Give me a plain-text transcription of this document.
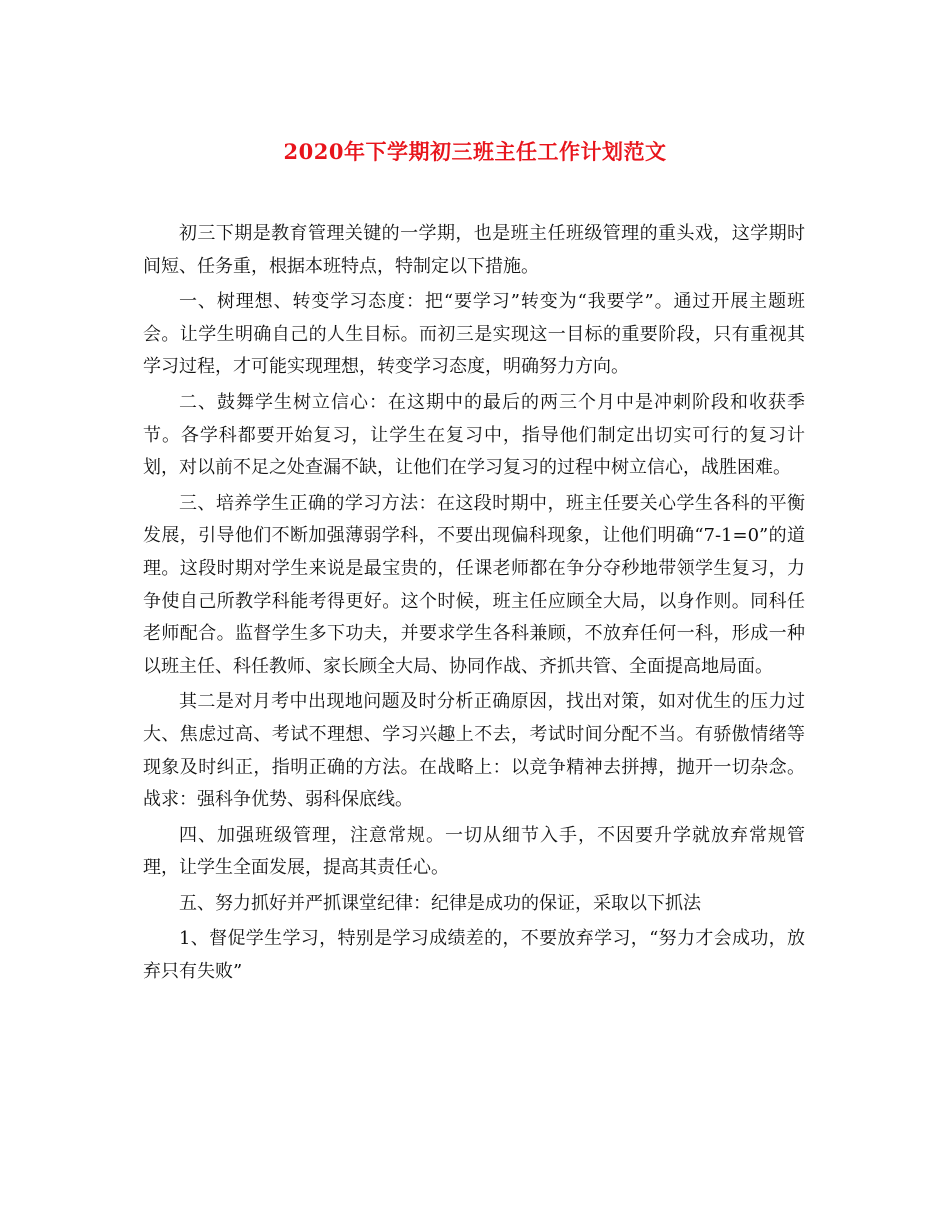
2020年下学期初三班主任工作计划范文

初三下期是教育管理关键的一学期，也是班主任班级管理的重头戏，这学期时间短、任务重，根据本班特点，特制定以下措施。

一、树理想、转变学习态度：把“要学习”转变为“我要学”。通过开展主题班会。让学生明确自己的人生目标。而初三是实现这一目标的重要阶段，只有重视其学习过程，才可能实现理想，转变学习态度，明确努力方向。

二、鼓舞学生树立信心：在这期中的最后的两三个月中是冲刺阶段和收获季节。各学科都要开始复习，让学生在复习中，指导他们制定出切实可行的复习计划，对以前不足之处查漏不缺，让他们在学习复习的过程中树立信心，战胜困难。

三、培养学生正确的学习方法：在这段时期中，班主任要关心学生各科的平衡发展，引导他们不断加强薄弱学科，不要出现偏科现象，让他们明确“7-1=0”的道理。这段时期对学生来说是最宝贵的，任课老师都在争分夺秒地带领学生复习，力争使自己所教学科能考得更好。这个时候，班主任应顾全大局，以身作则。同科任老师配合。监督学生多下功夫，并要求学生各科兼顾，不放弃任何一科，形成一种以班主任、科任教师、家长顾全大局、协同作战、齐抓共管、全面提高地局面。

其二是对月考中出现地问题及时分析正确原因，找出对策，如对优生的压力过大、焦虑过高、考试不理想、学习兴趣上不去，考试时间分配不当。有骄傲情绪等现象及时纠正，指明正确的方法。在战略上：以竞争精神去拼搏，抛开一切杂念。战求：强科争优势、弱科保底线。

四、加强班级管理，注意常规。一切从细节入手，不因要升学就放弃常规管理，让学生全面发展，提高其责任心。

五、努力抓好并严抓课堂纪律：纪律是成功的保证，采取以下抓法

1、督促学生学习，特别是学习成绩差的，不要放弃学习，“努力才会成功，放弃只有失败”
